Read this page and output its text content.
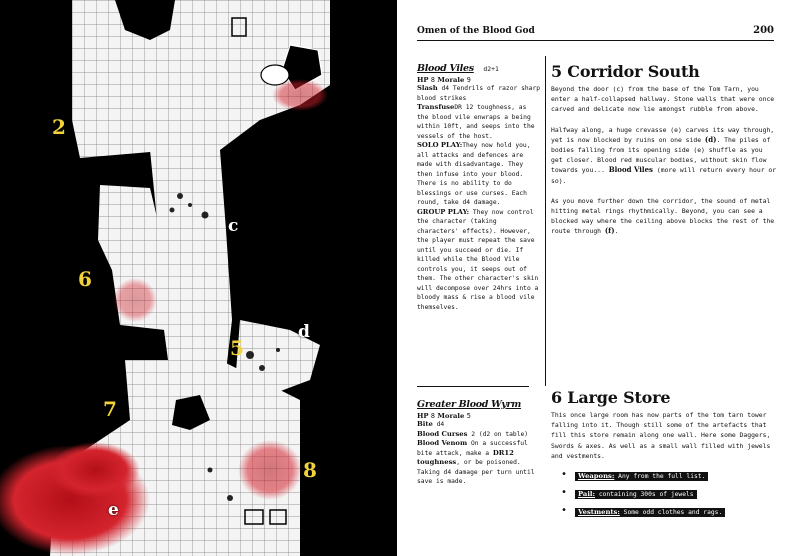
2
6
5
7
8
c
d
e
Omen of the Blood God	200
Blood Viles d2+1
HP 8 Morale 9

Slash d4 Tendrils of razor sharp blood strikes

TransfuseDR 12 toughness, as the blood vile enwraps a being within 10ft, and seeps into the vessels of the host.

SOLO PLAY:They now hold you, all attacks and defences are made with disadvantage. They then infuse into your blood. There is no ability to do blessings or use curses. Each round, take d4 damage.

GROUP PLAY: They now control the character (taking characters' effects). However, the player must repeat the save until you succeed or die. If killed while the Blood Vile controls you, it seeps out of them. The other character's skin will decompose over 24hrs into a bloody mass & rise a blood vile themselves.

Greater Blood Wyrm
HP 8 Morale 5

Bite d4

Blood Curses 2 (d2 on table)

Blood Venom On a successful bite attack, make a DR12 toughness, or be poisoned. Taking d4 damage per turn until save is made.

5 Corridor South

Beyond the door (c) from the base of the Tom Tarn, you enter a half-collapsed hallway. Stone walls that were once carved and delicate now lie amongst rubble from above.

Halfway along, a huge crevasse (e) carves its way through, yet is now blocked by ruins on one side (d). The piles of bodies falling from its opening side (e) shuffle as you get closer. Blood red muscular bodies, without skin flow towards you... Blood Viles (more will return every hour or so).

As you move further down the corridor, the sound of metal hitting metal rings rhythmically. Beyond, you can see a blocked way where the ceiling above blocks the rest of the route through (f).

6 Large Store

This once large room has now parts of the tom tarn tower falling into it. Though still some of the artefacts that fill this store remain along one wall. Here some Daggers, Swords & axes. As well as a small wall filled with jewels and vestments.

• Weapons: Any from the full list.
• Pail: containing 300s of jewels
• Vestments: Some odd clothes and rags.
